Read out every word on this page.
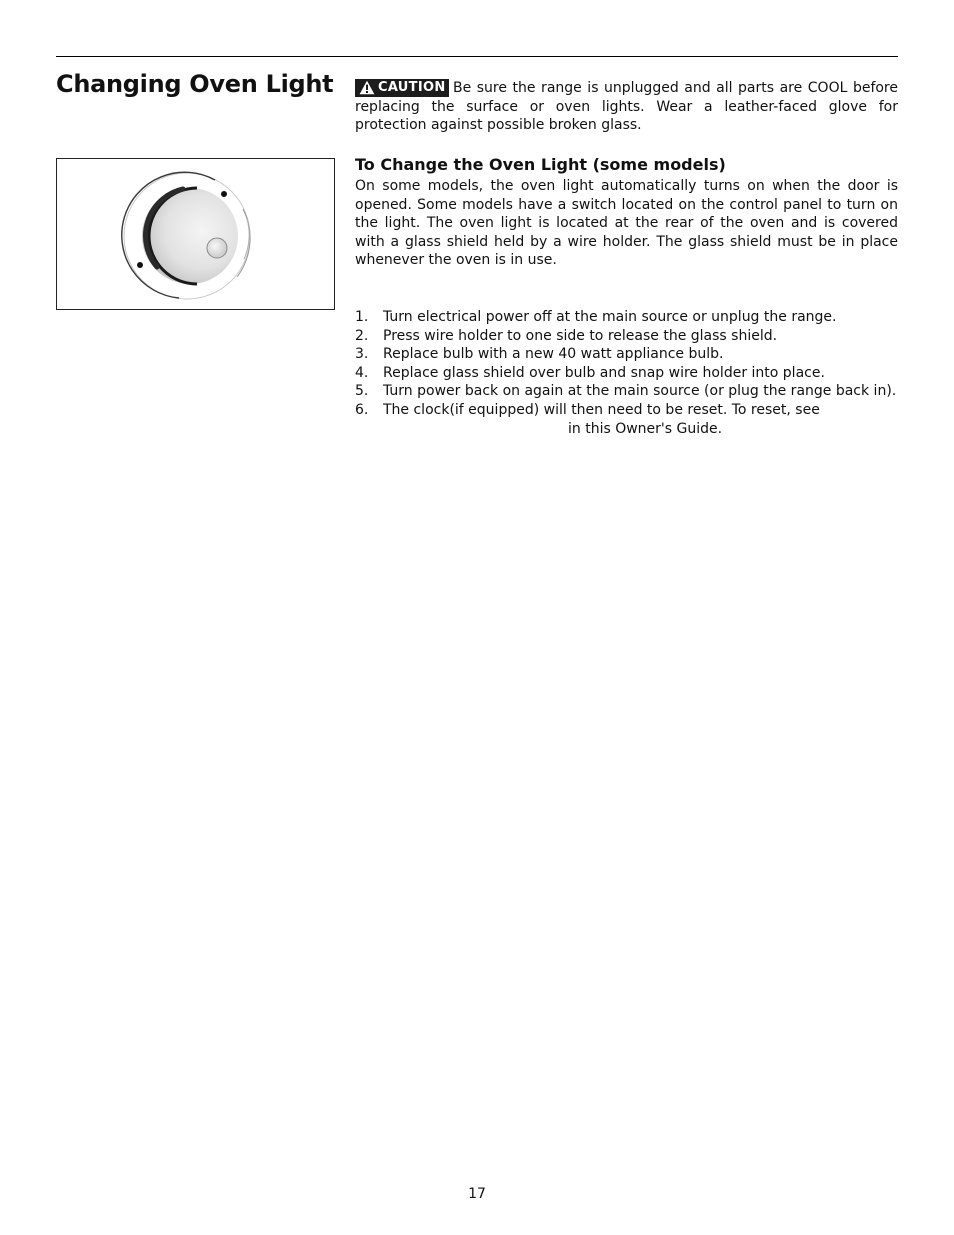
Changing Oven Light	CAUTION Be sure the range is unplugged and all parts are COOL before replacing the surface or oven lights. Wear a leather-faced glove for protection against possible broken glass.
To Change the Oven Light (some models)

On some models, the oven light automatically turns on when the door is opened. Some models have a switch located on the control panel to turn on the light. The oven light is located at the rear of the oven and is covered with a glass shield held by a wire holder. The glass shield must be in place whenever the oven is in use.

1. Turn electrical power off at the main source or unplug the range.
2. Press wire holder to one side to release the glass shield.
3. Replace bulb with a new 40 watt appliance bulb.
4. Replace glass shield over bulb and snap wire holder into place.
5. Turn power back on again at the main source (or plug the range back in).
6. The clock(if equipped) will then need to be reset. To reset, see
in this Owner's Guide.
17
